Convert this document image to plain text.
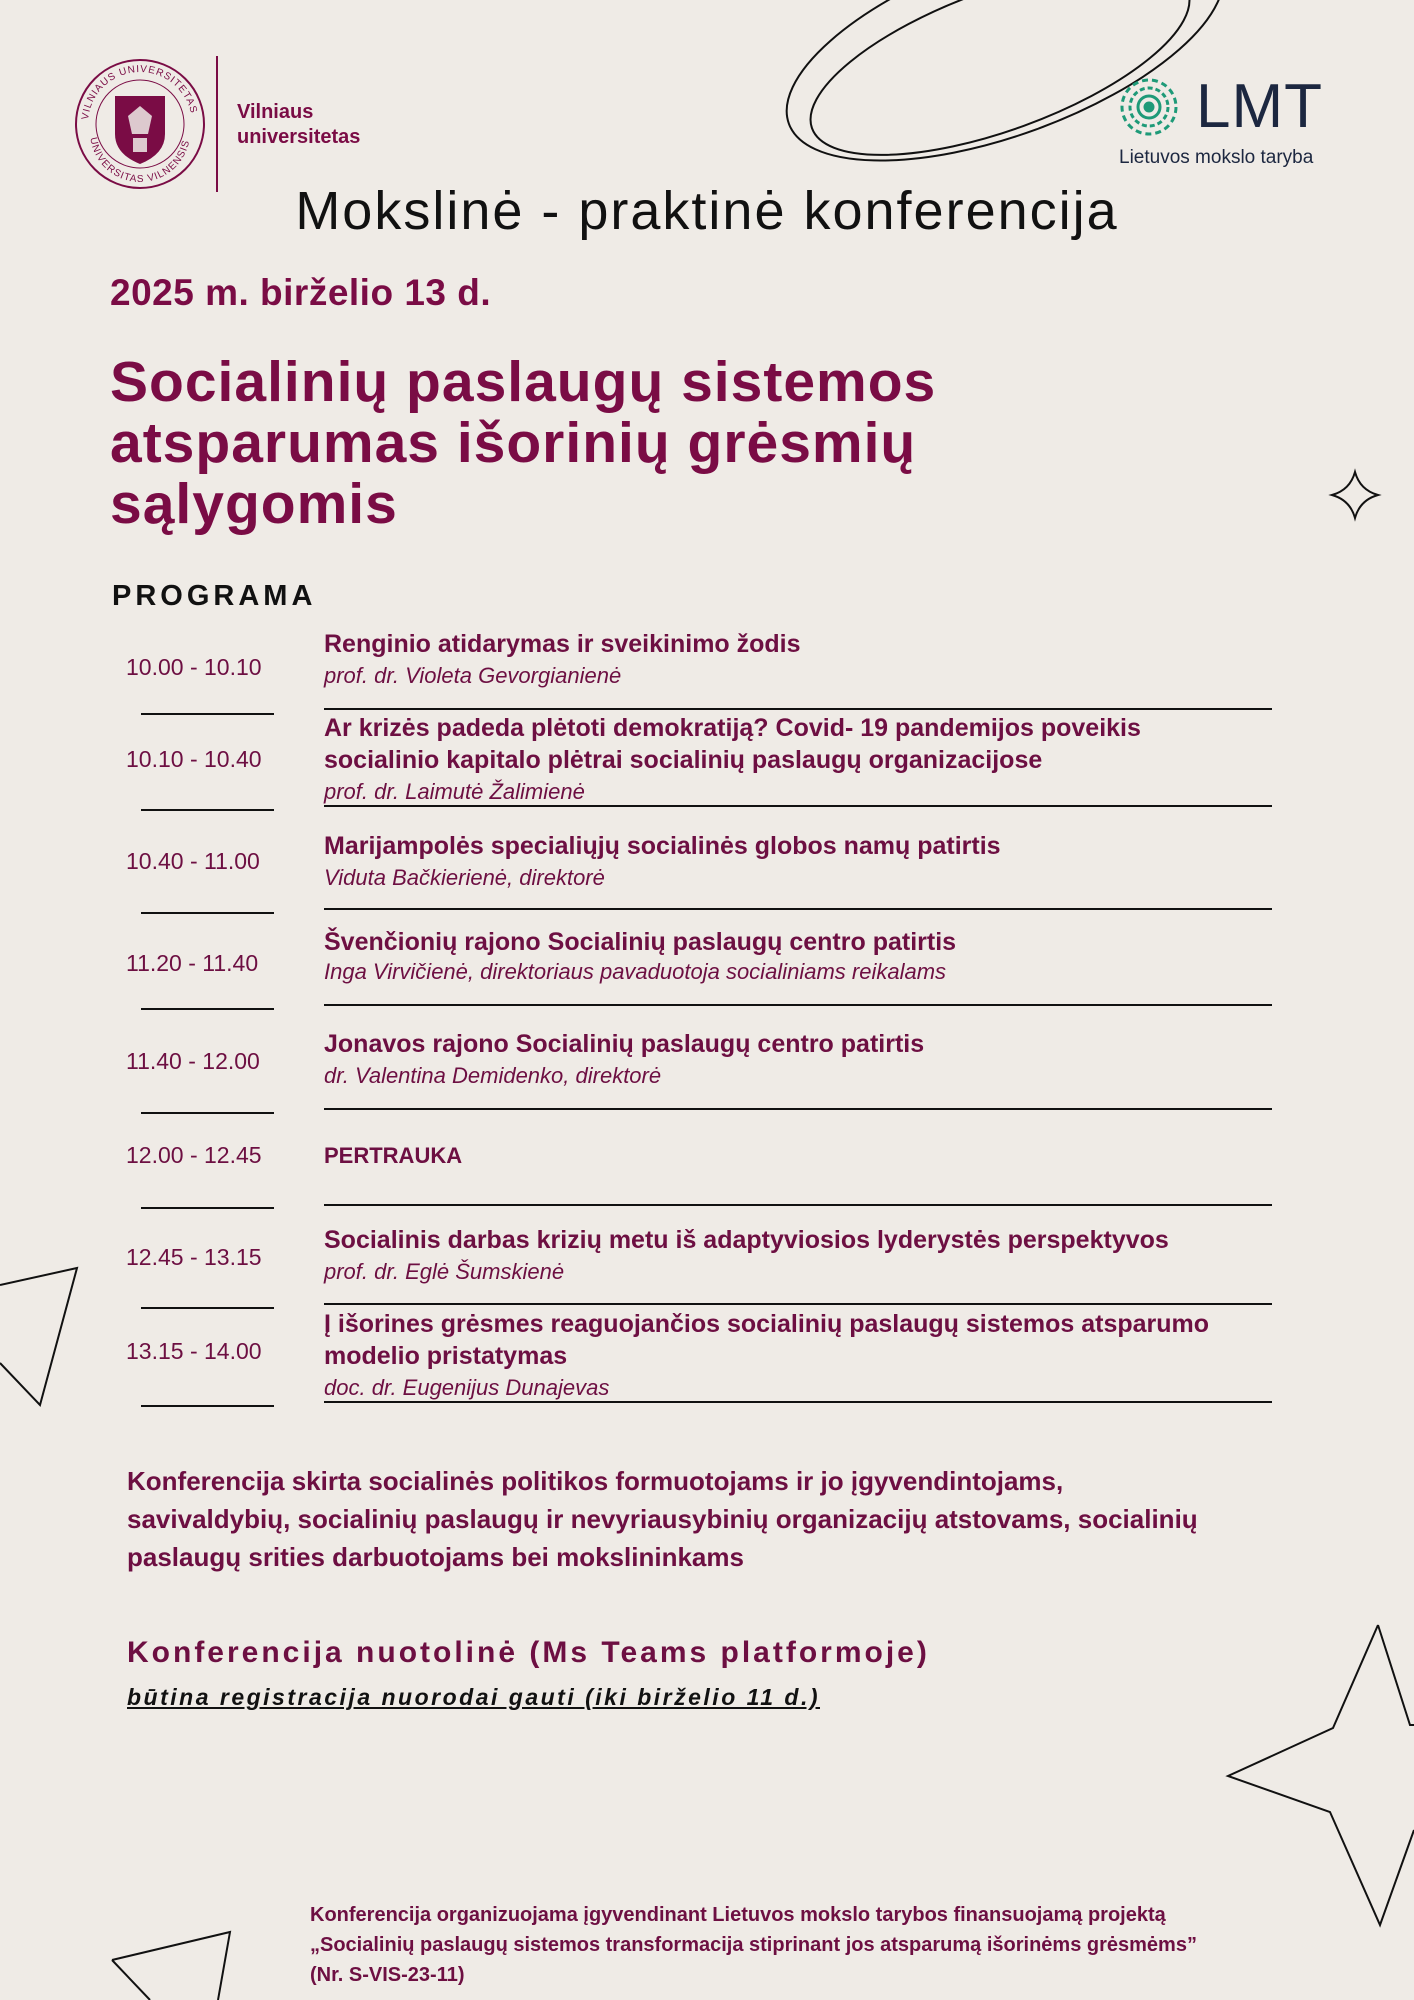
VILNIAUS UNIVERSITETAS
UNIVERSITAS VILNENSIS
Vilniaus
universitetas	LMT
Lietuvos mokslo taryba
Mokslinė - praktinė konferencija
2025 m. birželio 13 d.
Socialinių paslaugų sistemos
atsparumas išorinių grėsmių
sąlygomis
PROGRAMA
10.00 - 10.10
Renginio atidarymas ir sveikinimo žodis
prof. dr. Violeta Gevorgianienė
10.10 - 10.40
Ar krizės padeda plėtoti demokratiją? Covid- 19 pandemijos poveikis
socialinio kapitalo plėtrai socialinių paslaugų organizacijose
prof. dr. Laimutė Žalimienė
10.40 - 11.00
Marijampolės specialiųjų socialinės globos namų patirtis
Viduta Bačkierienė, direktorė
11.20 - 11.40
Švenčionių rajono Socialinių paslaugų centro patirtis
Inga Virvičienė, direktoriaus pavaduotoja socialiniams reikalams
11.40 - 12.00
Jonavos rajono Socialinių paslaugų centro patirtis
dr. Valentina Demidenko, direktorė
12.00 - 12.45	PERTRAUKA
12.45 - 13.15
Socialinis darbas krizių metu iš adaptyviosios lyderystės perspektyvos
prof. dr. Eglė Šumskienė
13.15 - 14.00
Į išorines grėsmes reaguojančios socialinių paslaugų sistemos atsparumo
modelio pristatymas
doc. dr. Eugenijus Dunajevas
Konferencija skirta socialinės politikos formuotojams ir jo įgyvendintojams,
savivaldybių, socialinių paslaugų ir nevyriausybinių organizacijų atstovams, socialinių
paslaugų srities darbuotojams bei mokslininkams
Konferencija nuotolinė (Ms Teams platformoje)
būtina registracija nuorodai gauti (iki birželio 11 d.)
Konferencija organizuojama įgyvendinant Lietuvos mokslo tarybos finansuojamą projektą
„Socialinių paslaugų sistemos transformacija stiprinant jos atsparumą išorinėms grėsmėms”
(Nr. S-VIS-23-11)
